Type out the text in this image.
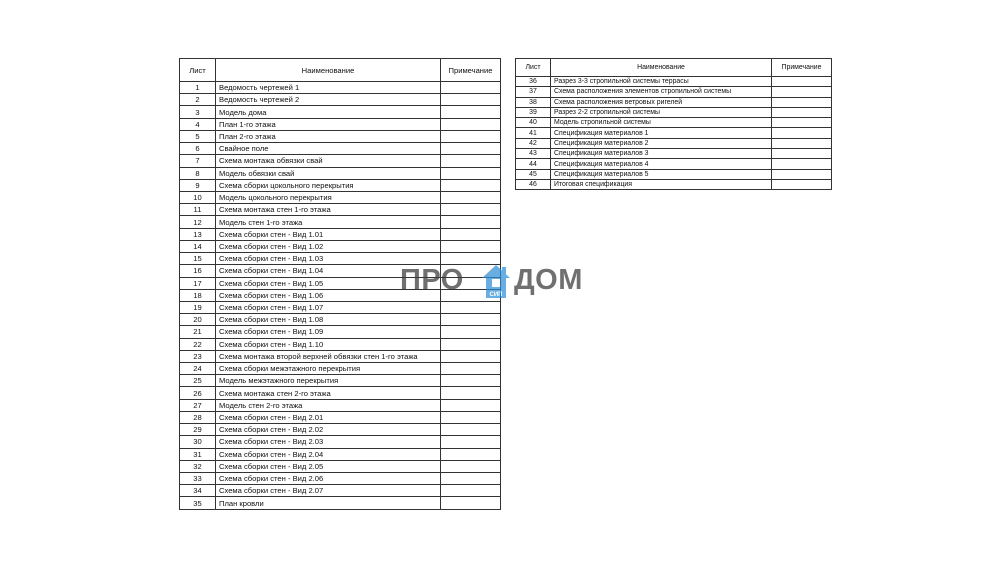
Лист	Наименование	Примечание
1	Ведомость чертежей 1	
2	Ведомость чертежей 2	
3	Модель дома	
4	План 1-го этажа	
5	План 2-го этажа	
6	Свайное поле	
7	Схема монтажа обвязки свай	
8	Модель обвязки свай	
9	Схема сборки цокольного перекрытия	
10	Модель цокольного перекрытия	
11	Схема монтажа стен 1-го этажа	
12	Модель стен 1-го этажа	
13	Схема сборки стен - Вид 1.01	
14	Схема сборки стен - Вид 1.02	
15	Схема сборки стен - Вид 1.03	
16	Схема сборки стен - Вид 1.04	
17	Схема сборки стен - Вид 1.05	
18	Схема сборки стен - Вид 1.06	
19	Схема сборки стен - Вид 1.07	
20	Схема сборки стен - Вид 1.08	
21	Схема сборки стен - Вид 1.09	
22	Схема сборки стен - Вид 1.10	
23	Схема монтажа второй верхней обвязки стен 1-го этажа	
24	Схема сборки межэтажного перекрытия	
25	Модель межэтажного перекрытия	
26	Схема монтажа стен 2-го этажа	
27	Модель стен 2-го этажа	
28	Схема сборки стен - Вид 2.01	
29	Схема сборки стен - Вид 2.02	
30	Схема сборки стен - Вид 2.03	
31	Схема сборки стен - Вид 2.04	
32	Схема сборки стен - Вид 2.05	
33	Схема сборки стен - Вид 2.06	
34	Схема сборки стен - Вид 2.07	
35	План кровли	
Лист	Наименование	Примечание
36	Разрез 3-3 стропильной системы террасы	
37	Схема расположения элементов стропильной системы	
38	Схема расположения ветровых ригелей	
39	Разрез 2-2 стропильной системы	
40	Модель стропильной системы	
41	Спецификация материалов 1	
42	Спецификация материалов 2	
43	Спецификация материалов 3	
44	Спецификация материалов 4	
45	Спецификация материалов 5	
46	Итоговая спецификация	
ПРО	СИП ДОМ
